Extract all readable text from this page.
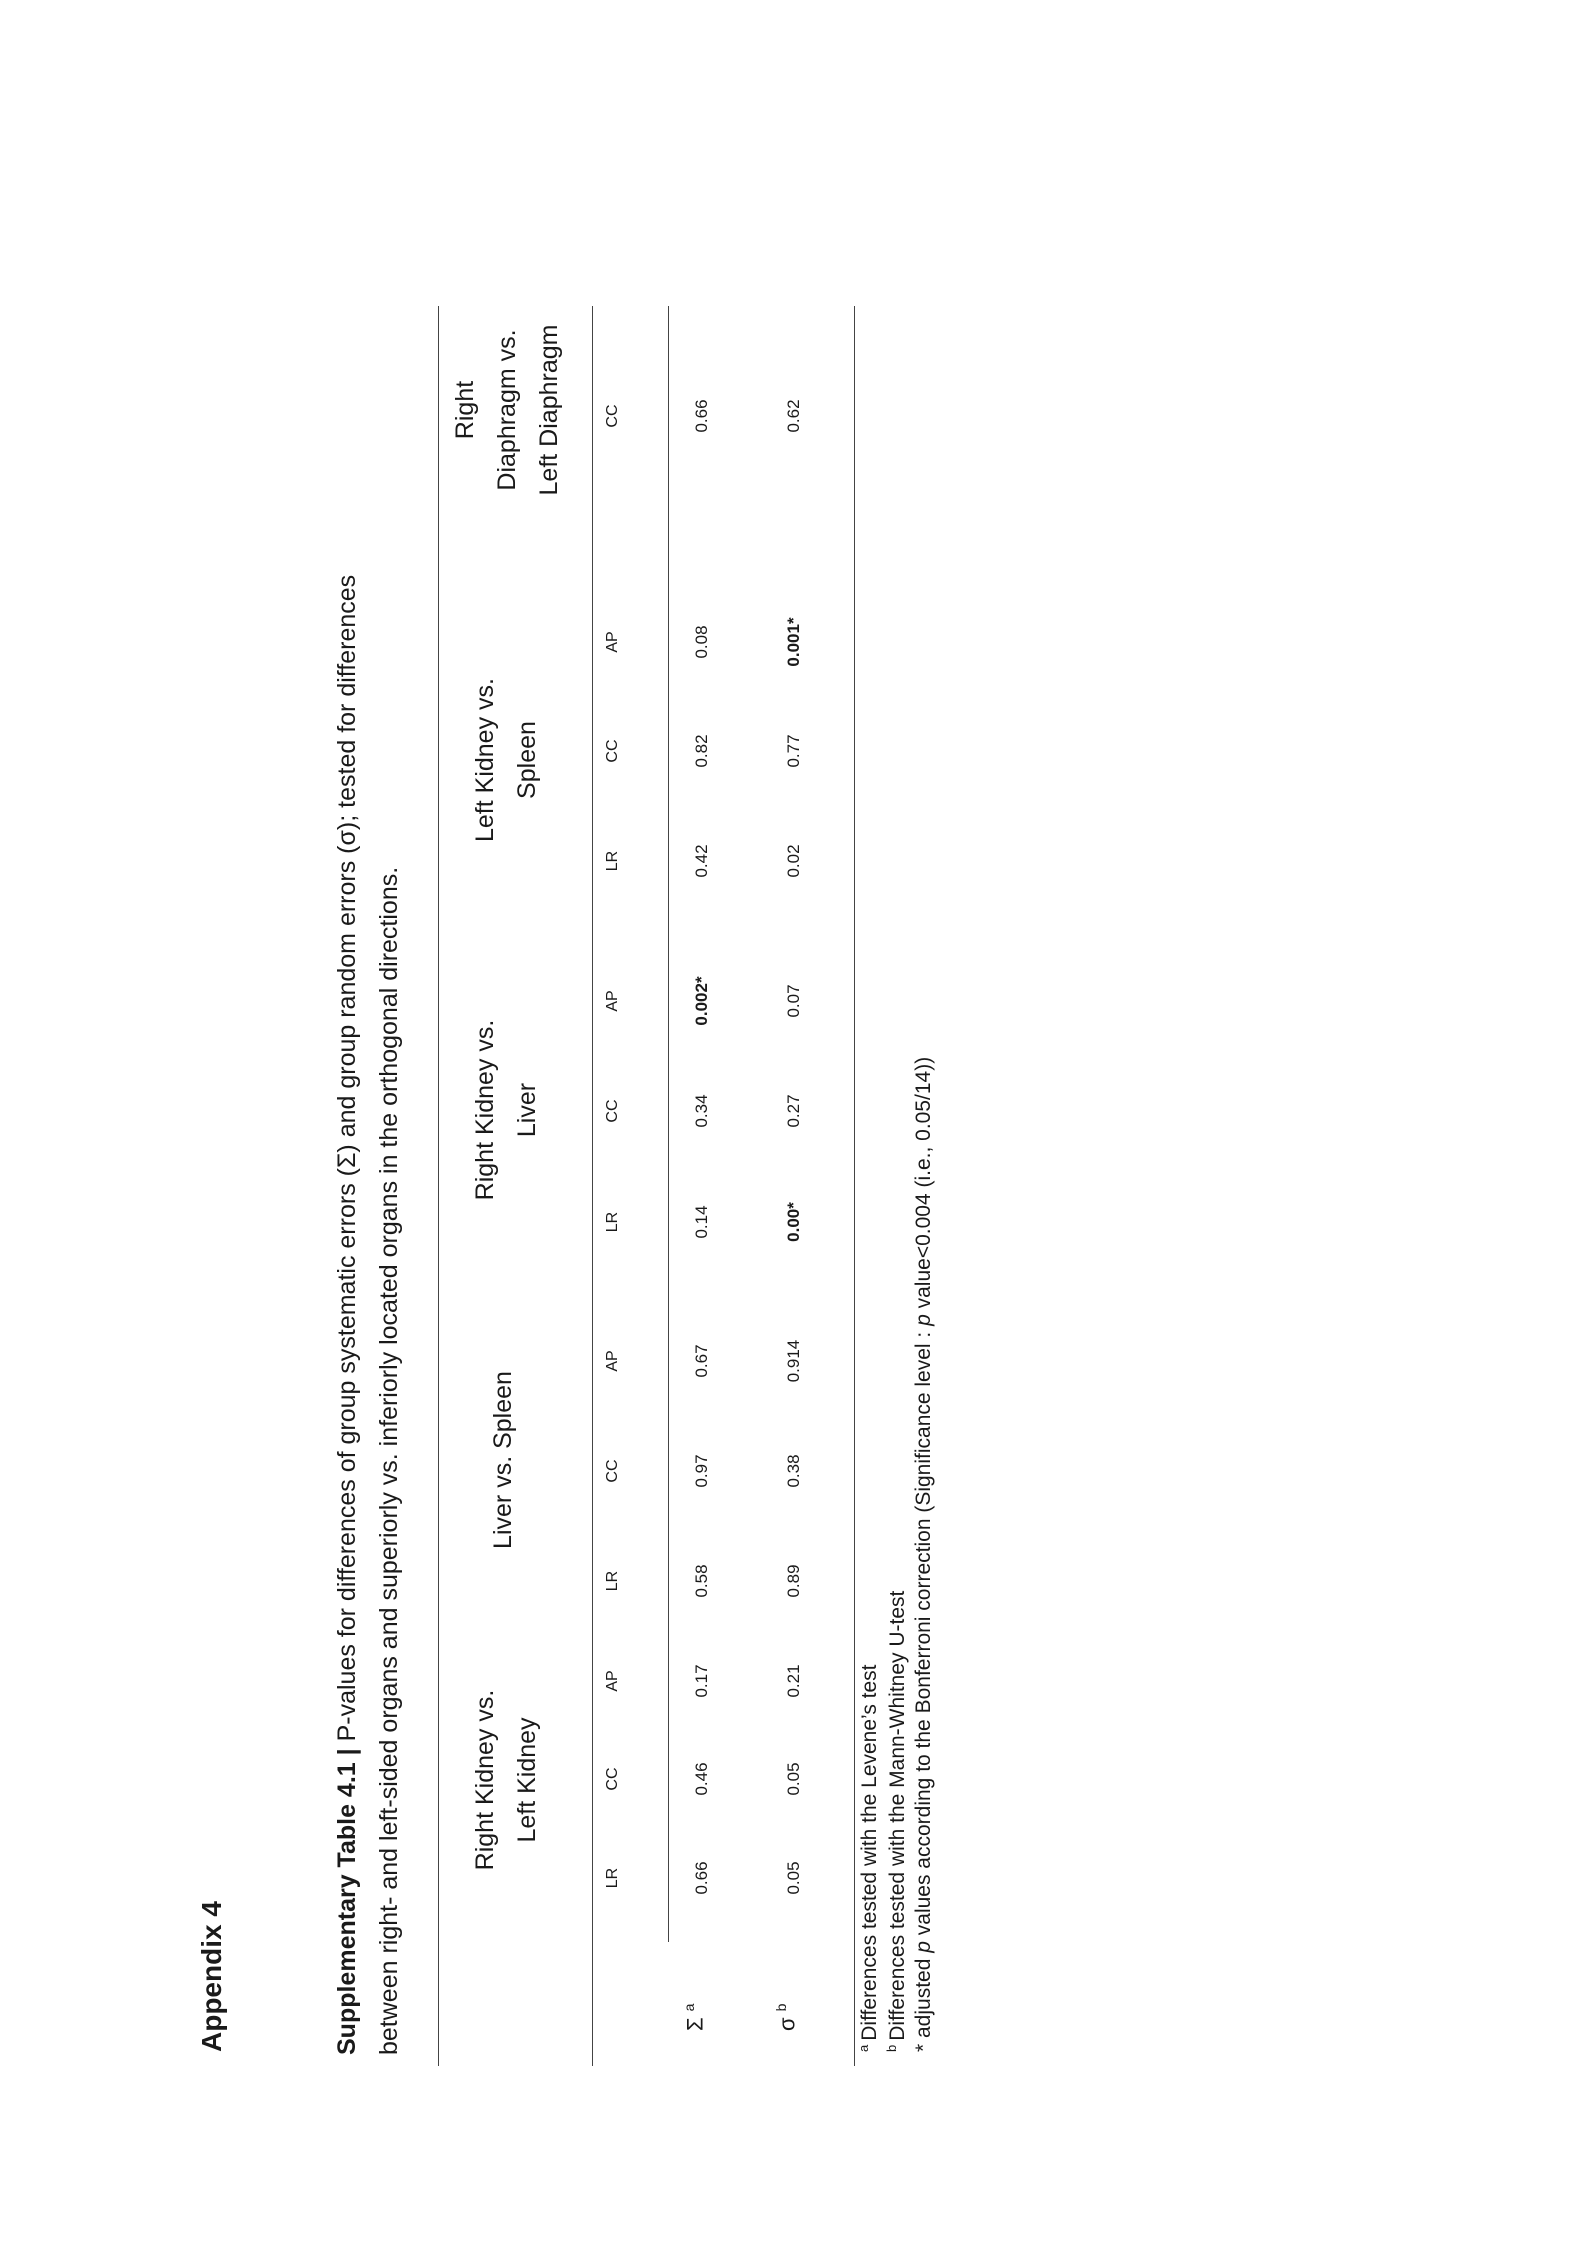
Appendix 4	Supplementary Table 4.1 | P-values for differences of group systematic errors (Σ) and group random errors (σ); tested for differences between right- and left-sided organs and superiorly vs. inferiorly located organs in the orthogonal directions.	Right Kidney vs. Left Kidney
Liver vs. Spleen
Right Kidney vs. Liver
Left Kidney vs. Spleen
Right Diaphragm vs. Left Diaphragm
LR
CC
AP
LR
CC
AP
LR
CC
AP
LR
CC
AP
CC
$\Sigma^a$
$\sigma^b$
0.66
0.46
0.17
0.58
0.97
0.67
0.14
0.34
0.002*
0.42
0.82
0.08
0.66
0.05
0.05
0.21
0.89
0.38
0.914
0.00*
0.27
0.07
0.02
0.77
0.001*
0.62
$^a$Differences tested with the Levene’s test
$^b$Differences tested with the Mann-Whitney U-test * adjusted p values according to the Bonferroni correction (Significance level : p value<0.004 (i.e., 0.05/14))
